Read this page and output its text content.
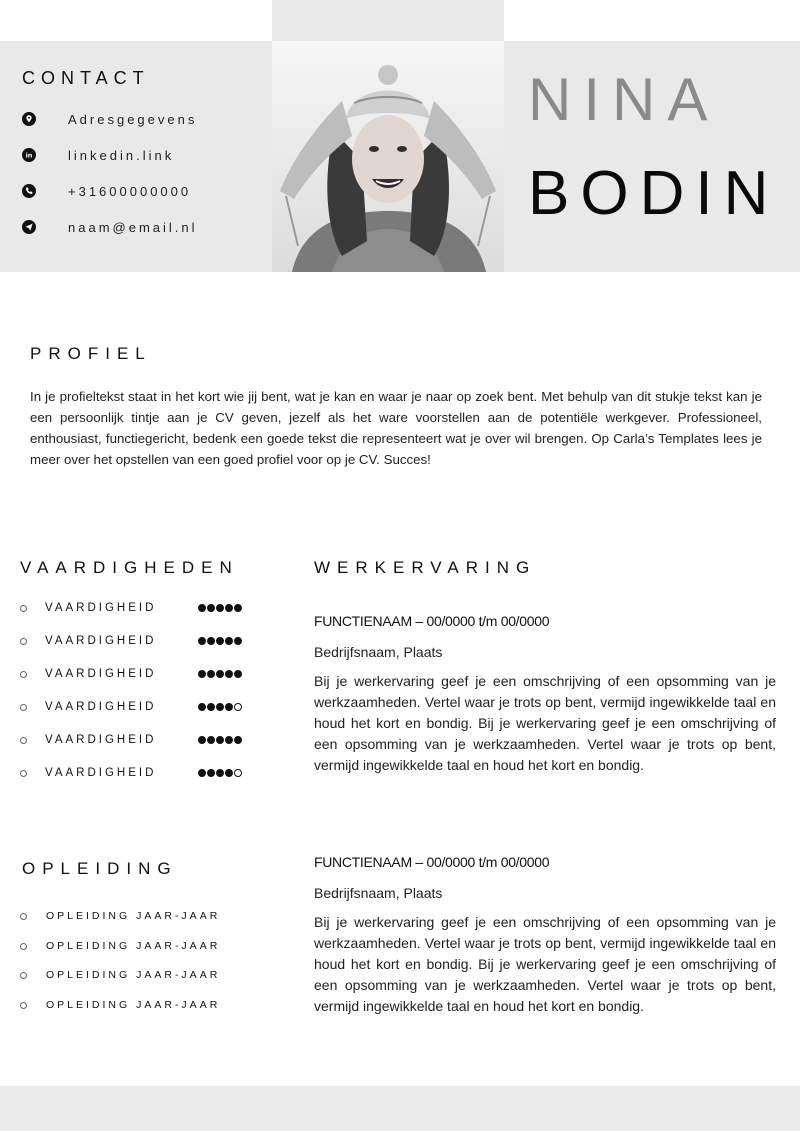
CONTACT
Adresgegevens
in	linkedin.link
+31600000000
naam@email.nl
NINA
BODIN
PROFIEL
In je profieltekst staat in het kort wie jij bent, wat je kan en waar je naar op zoek bent. Met behulp van dit stukje tekst kan je een persoonlijk tintje aan je CV geven, jezelf als het ware voorstellen aan de potentiële werkgever. Professioneel, enthousiast, functiegericht, bedenk een goede tekst die representeert wat je over wil brengen. Op Carla’s Templates lees je meer over het opstellen van een goed profiel voor op je CV. Succes!
VAARDIGHEDEN
VAARDIGHEID
VAARDIGHEID
VAARDIGHEID
VAARDIGHEID
VAARDIGHEID
VAARDIGHEID
OPLEIDING
OPLEIDING JAAR-JAAR
OPLEIDING JAAR-JAAR
OPLEIDING JAAR-JAAR
OPLEIDING JAAR-JAAR
WERKERVARING
FUNCTIENAAM – 00/0000 t/m 00/0000
Bedrijfsnaam, Plaats
Bij je werkervaring geef je een omschrijving of een opsomming van je werkzaamheden. Vertel waar je trots op bent, vermijd ingewikkelde taal en houd het kort en bondig. Bij je werkervaring geef je een omschrijving of een opsomming van je werkzaamheden. Vertel waar je trots op bent, vermijd ingewikkelde taal en houd het kort en bondig.
FUNCTIENAAM – 00/0000 t/m 00/0000
Bedrijfsnaam, Plaats
Bij je werkervaring geef je een omschrijving of een opsomming van je werkzaamheden. Vertel waar je trots op bent, vermijd ingewikkelde taal en houd het kort en bondig. Bij je werkervaring geef je een omschrijving of een opsomming van je werkzaamheden. Vertel waar je trots op bent, vermijd ingewikkelde taal en houd het kort en bondig.
